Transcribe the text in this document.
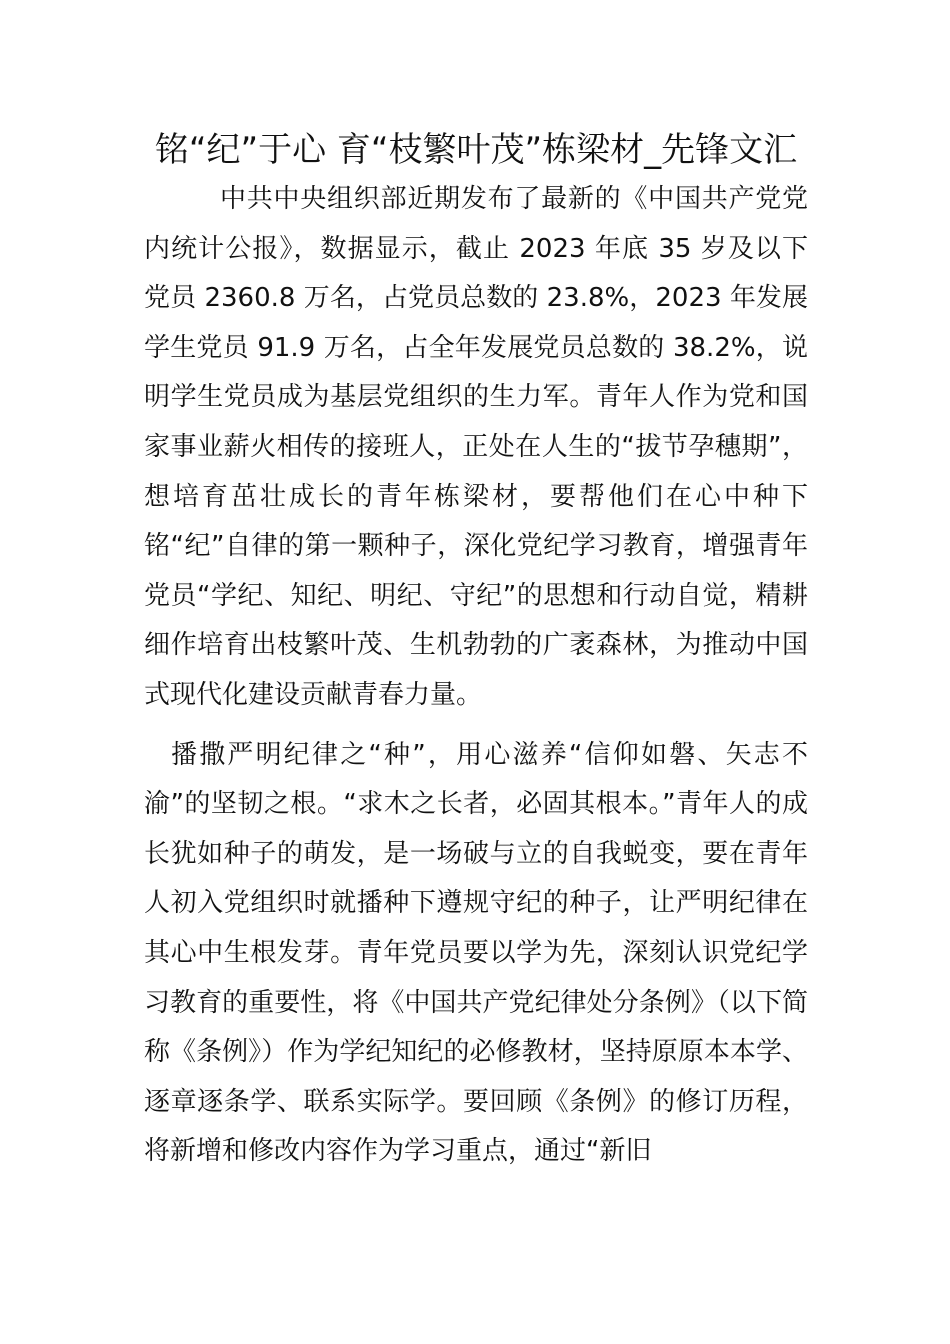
铭“纪”于心 育“枝繁叶茂”栋梁材_先锋文汇

中共中央组织部近期发布了最新的《中国共产党党内统计公报》，数据显示，截止 2023 年底 35 岁及以下党员 2360.8 万名，占党员总数的 23.8%，2023 年发展学生党员 91.9 万名，占全年发展党员总数的 38.2%，说明学生党员成为基层党组织的生力军。青年人作为党和国家事业薪火相传的接班人，正处在人生的“拔节孕穗期”，想培育茁壮成长的青年栋梁材，要帮他们在心中种下铭“纪”自律的第一颗种子，深化党纪学习教育，增强青年党员“学纪、知纪、明纪、守纪”的思想和行动自觉，精耕细作培育出枝繁叶茂、生机勃勃的广袤森林，为推动中国式现代化建设贡献青春力量。

播撒严明纪律之“种”，用心滋养“信仰如磐、矢志不渝”的坚韧之根。“求木之长者，必固其根本。”青年人的成长犹如种子的萌发，是一场破与立的自我蜕变，要在青年人初入党组织时就播种下遵规守纪的种子，让严明纪律在其心中生根发芽。青年党员要以学为先，深刻认识党纪学习教育的重要性，将《中国共产党纪律处分条例》（以下简称《条例》）作为学纪知纪的必修教材，坚持原原本本学、逐章逐条学、联系实际学。要回顾《条例》的修订历程，将新增和修改内容作为学习重点，通过“新旧
